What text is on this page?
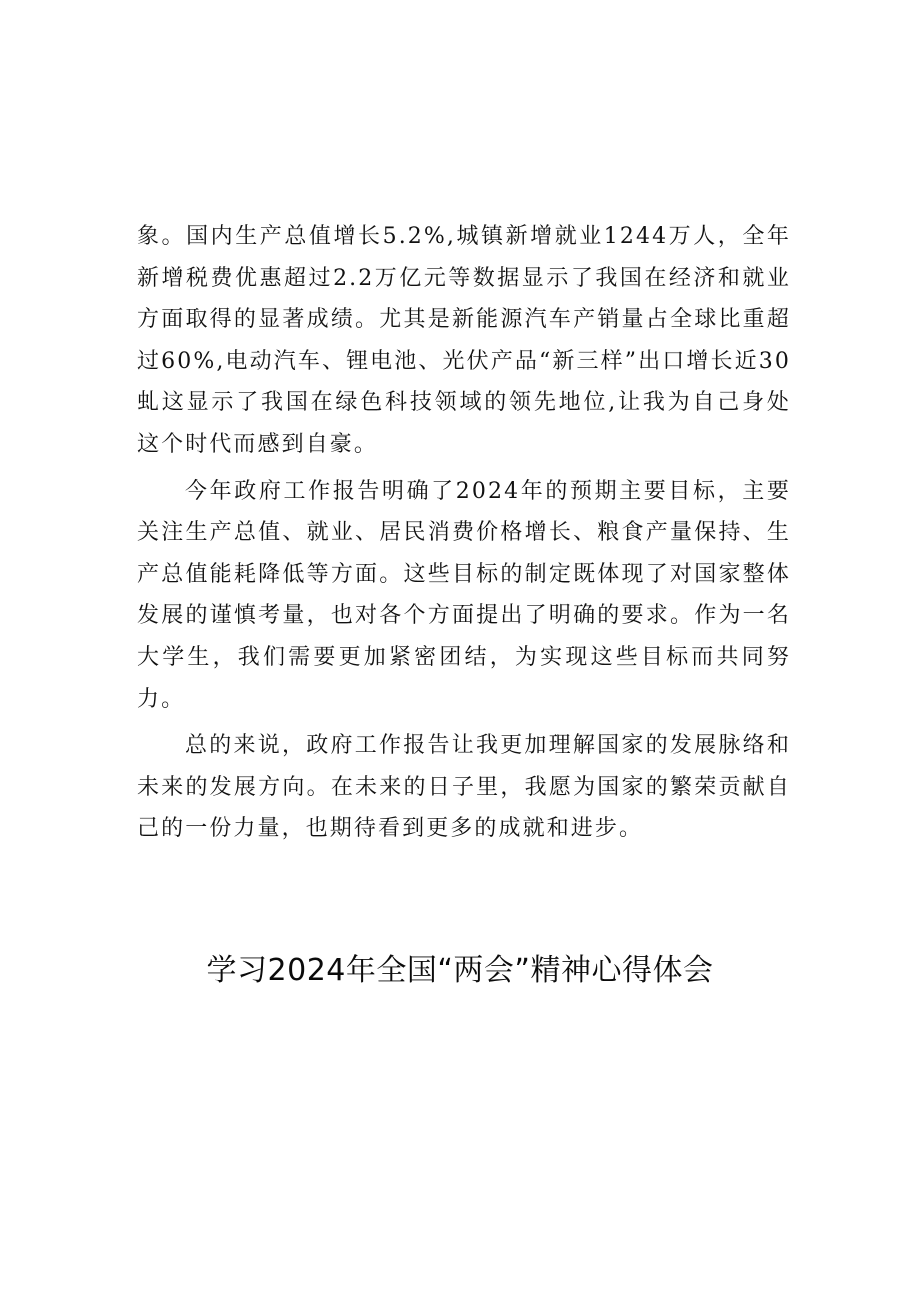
象。国内生产总值增长5.2%,城镇新增就业1244万人，全年新增税费优惠超过2.2万亿元等数据显示了我国在经济和就业方面取得的显著成绩。尤其是新能源汽车产销量占全球比重超过60%,电动汽车、锂电池、光伏产品“新三样”出口增长近30虬这显示了我国在绿色科技领域的领先地位,让我为自己身处这个时代而感到自豪。

今年政府工作报告明确了2024年的预期主要目标，主要关注生产总值、就业、居民消费价格增长、粮食产量保持、生产总值能耗降低等方面。这些目标的制定既体现了对国家整体发展的谨慎考量，也对各个方面提出了明确的要求。作为一名大学生，我们需要更加紧密团结，为实现这些目标而共同努力。

总的来说，政府工作报告让我更加理解国家的发展脉络和未来的发展方向。在未来的日子里，我愿为国家的繁荣贡献自己的一份力量，也期待看到更多的成就和进步。

学习2024年全国“两会”精神心得体会
